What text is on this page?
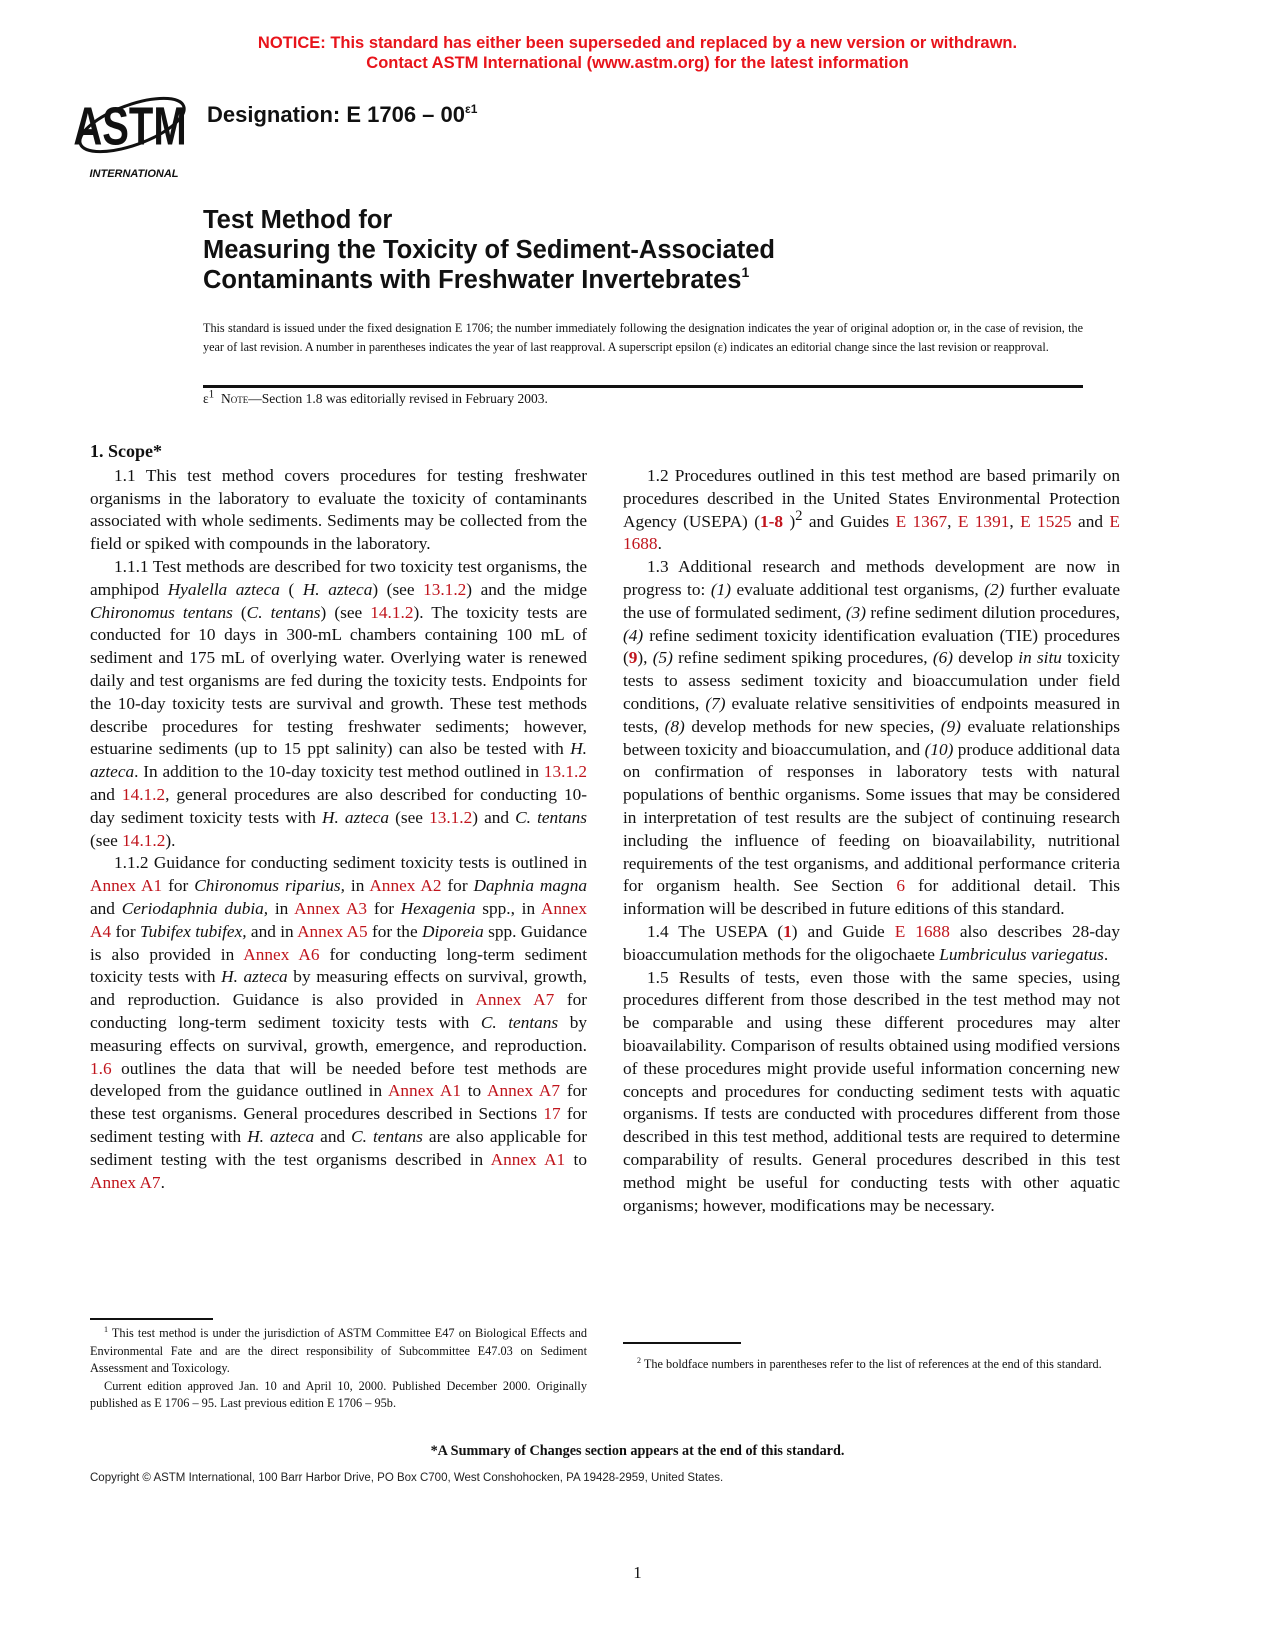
NOTICE: This standard has either been superseded and replaced by a new version or withdrawn.
Contact ASTM International (www.astm.org) for the latest information
ASTM
INTERNATIONAL
Designation: E $1706 - 00^{\varepsilon 1}$
Test Method for
Measuring the Toxicity of Sediment-Associated
Contaminants with Freshwater Invertebrates$^1$
This standard is issued under the fixed designation E 1706; the number immediately following the designation indicates the year of original adoption or, in the case of revision, the year of last revision. A number in parentheses indicates the year of last reapproval. A superscript epsilon (ε) indicates an editorial change since the last revision or reapproval.
$\varepsilon^1$ Note—Section 1.8 was editorially revised in February 2003.

1. Scope*

1.1 This test method covers procedures for testing freshwater organisms in the laboratory to evaluate the toxicity of contaminants associated with whole sediments. Sediments may be collected from the field or spiked with compounds in the laboratory.

1.1.1 Test methods are described for two toxicity test organisms, the amphipod Hyalella azteca ( H. azteca) (see 13.1.2) and the midge Chironomus tentans (C. tentans) (see 14.1.2). The toxicity tests are conducted for 10 days in 300-mL chambers containing 100 mL of sediment and 175 mL of overlying water. Overlying water is renewed daily and test organisms are fed during the toxicity tests. Endpoints for the 10-day toxicity tests are survival and growth. These test methods describe procedures for testing freshwater sediments; however, estuarine sediments (up to 15 ppt salinity) can also be tested with H. azteca. In addition to the 10-day toxicity test method outlined in 13.1.2 and 14.1.2, general procedures are also described for conducting 10-day sediment toxicity tests with H. azteca (see 13.1.2) and C. tentans (see 14.1.2).

1.1.2 Guidance for conducting sediment toxicity tests is outlined in Annex A1 for Chironomus riparius, in Annex A2 for Daphnia magna and Ceriodaphnia dubia, in Annex A3 for Hexagenia spp., in Annex A4 for Tubifex tubifex, and in Annex A5 for the Diporeia spp. Guidance is also provided in Annex A6 for conducting long-term sediment toxicity tests with H. azteca by measuring effects on survival, growth, and reproduction. Guidance is also provided in Annex A7 for conducting long-term sediment toxicity tests with C. tentans by measuring effects on survival, growth, emergence, and reproduction. 1.6 outlines the data that will be needed before test methods are developed from the guidance outlined in Annex A1 to Annex A7 for these test organisms. General procedures described in Sections 17 for sediment testing with H. azteca and C. tentans are also applicable for sediment testing with the test organisms described in Annex A1 to Annex A7.

1.2 Procedures outlined in this test method are based primarily on procedures described in the United States Environmental Protection Agency (USEPA) (1-8 )$^2$ and Guides E 1367, E 1391, E 1525 and E 1688.

1.3 Additional research and methods development are now in progress to: (1) evaluate additional test organisms, (2) further evaluate the use of formulated sediment, (3) refine sediment dilution procedures, (4) refine sediment toxicity identification evaluation (TIE) procedures (9), (5) refine sediment spiking procedures, (6) develop in situ toxicity tests to assess sediment toxicity and bioaccumulation under field conditions, (7) evaluate relative sensitivities of endpoints measured in tests, (8) develop methods for new species, (9) evaluate relationships between toxicity and bioaccumulation, and (10) produce additional data on confirmation of responses in laboratory tests with natural populations of benthic organisms. Some issues that may be considered in interpretation of test results are the subject of continuing research including the influence of feeding on bioavailability, nutritional requirements of the test organisms, and additional performance criteria for organism health. See Section 6 for additional detail. This information will be described in future editions of this standard.

1.4 The USEPA (1) and Guide E 1688 also describes 28-day bioaccumulation methods for the oligochaete Lumbriculus variegatus.

1.5 Results of tests, even those with the same species, using procedures different from those described in the test method may not be comparable and using these different procedures may alter bioavailability. Comparison of results obtained using modified versions of these procedures might provide useful information concerning new concepts and procedures for conducting sediment tests with aquatic organisms. If tests are conducted with procedures different from those described in this test method, additional tests are required to determine comparability of results. General procedures described in this test method might be useful for conducting tests with other aquatic organisms; however, modifications may be necessary.

$^1$ This test method is under the jurisdiction of ASTM Committee E47 on Biological Effects and Environmental Fate and are the direct responsibility of Subcommittee E47.03 on Sediment Assessment and Toxicology.

Current edition approved Jan. 10 and April 10, 2000. Published December 2000. Originally published as E 1706 – 95. Last previous edition E 1706 – 95b.

$^2$ The boldface numbers in parentheses refer to the list of references at the end of this standard.

*A Summary of Changes section appears at the end of this standard.
Copyright © ASTM International, 100 Barr Harbor Drive, PO Box C700, West Conshohocken, PA 19428-2959, United States.
1
